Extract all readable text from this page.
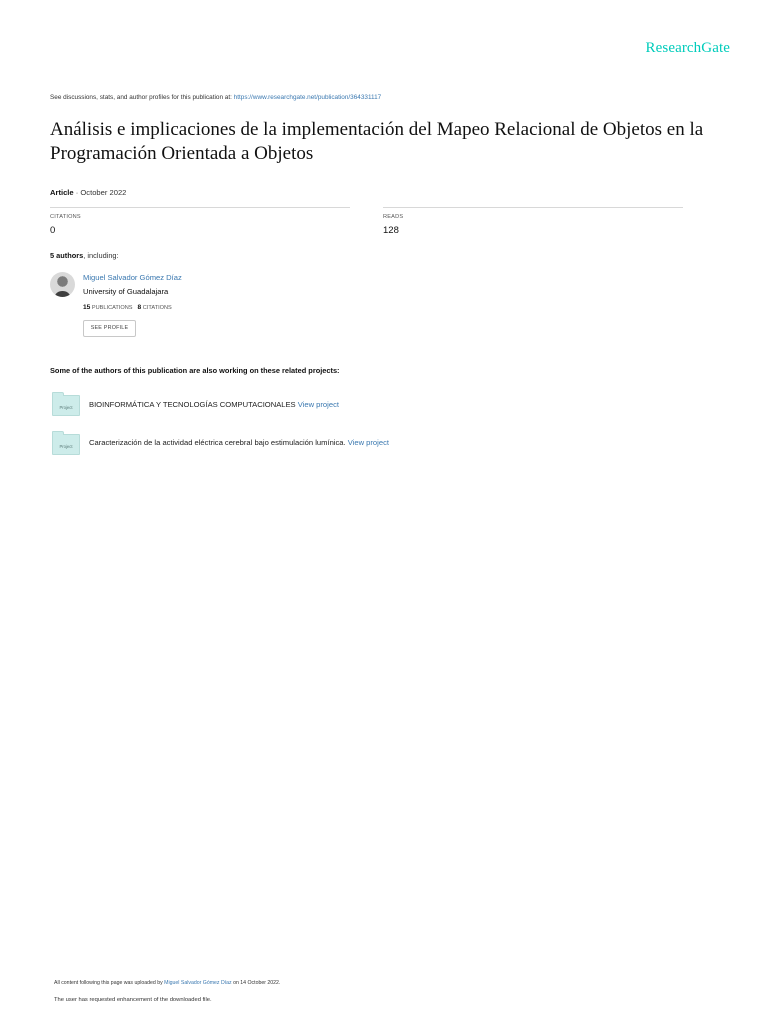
ResearchGate
See discussions, stats, and author profiles for this publication at: https://www.researchgate.net/publication/364331117
Análisis e implicaciones de la implementación del Mapeo Relacional de Objetos en la Programación Orientada a Objetos
Article · October 2022
CITATIONS
0
READS
128
5 authors, including:
Miguel Salvador Gómez Díaz
University of Guadalajara
15 PUBLICATIONS 8 CITATIONS
SEE PROFILE
Some of the authors of this publication are also working on these related projects:
Project	BIOINFORMÁTICA Y TECNOLOGÍAS COMPUTACIONALES View project
Project	Caracterización de la actividad eléctrica cerebral bajo estimulación lumínica. View project
All content following this page was uploaded by Miguel Salvador Gómez Díaz on 14 October 2022.
The user has requested enhancement of the downloaded file.
